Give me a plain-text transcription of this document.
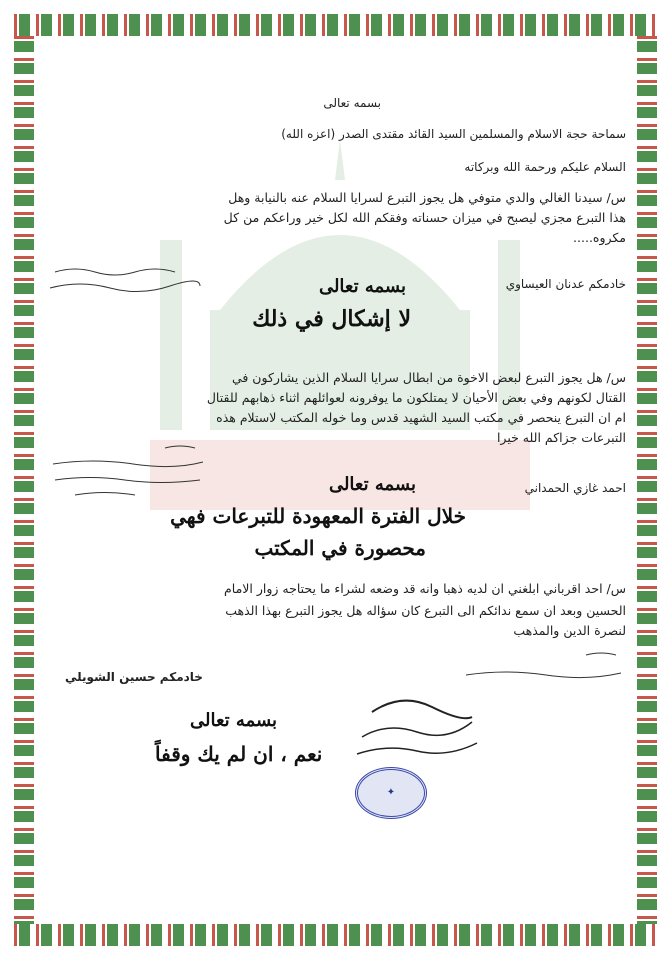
بسمه تعالى
سماحة حجة الاسلام والمسلمين السيد القائد مقتدى الصدر (اعزه الله)
السلام عليكم ورحمة الله وبركاته
س/ سيدنا الغالي والدي متوفي هل يجوز التبرع لسرايا السلام عنه بالنيابة وهل
هذا التبرع مجزي ليصبح في ميزان حسناته وفقكم الله لكل خير وراعكم من كل
مكروه.....
خادمكم عدنان العيساوي
بسمه تعالى
لا إشكال في ذلك
س/ هل يجوز التبرع لبعض الاخوة من ابطال سرايا السلام الذين يشاركون في
القتال لكونهم وفي بعض الأحيان لا يمتلكون ما يوفرونه لعوائلهم اثناء ذهابهم للقتال
ام ان التبرع ينحصر في مكتب السيد الشهيد قدس وما خوله المكتب لاستلام هذه
التبرعات جزاكم الله خيرا
احمد غازي الحمداني
بسمه تعالى
خلال الفترة المعهودة للتبرعات فهي
محصورة في المكتب
س/ احد اقرباني ابلغني ان لديه ذهبا وانه قد وضعه لشراء ما يحتاجه زوار الامام
الحسين وبعد ان سمع ندائكم الى التبرع كان سؤاله هل يجوز التبرع بهذا الذهب
لنصرة الدين والمذهب
خادمكم حسين الشويلي
بسمه تعالى
نعم ، ان لم يك وقفاً
✦
